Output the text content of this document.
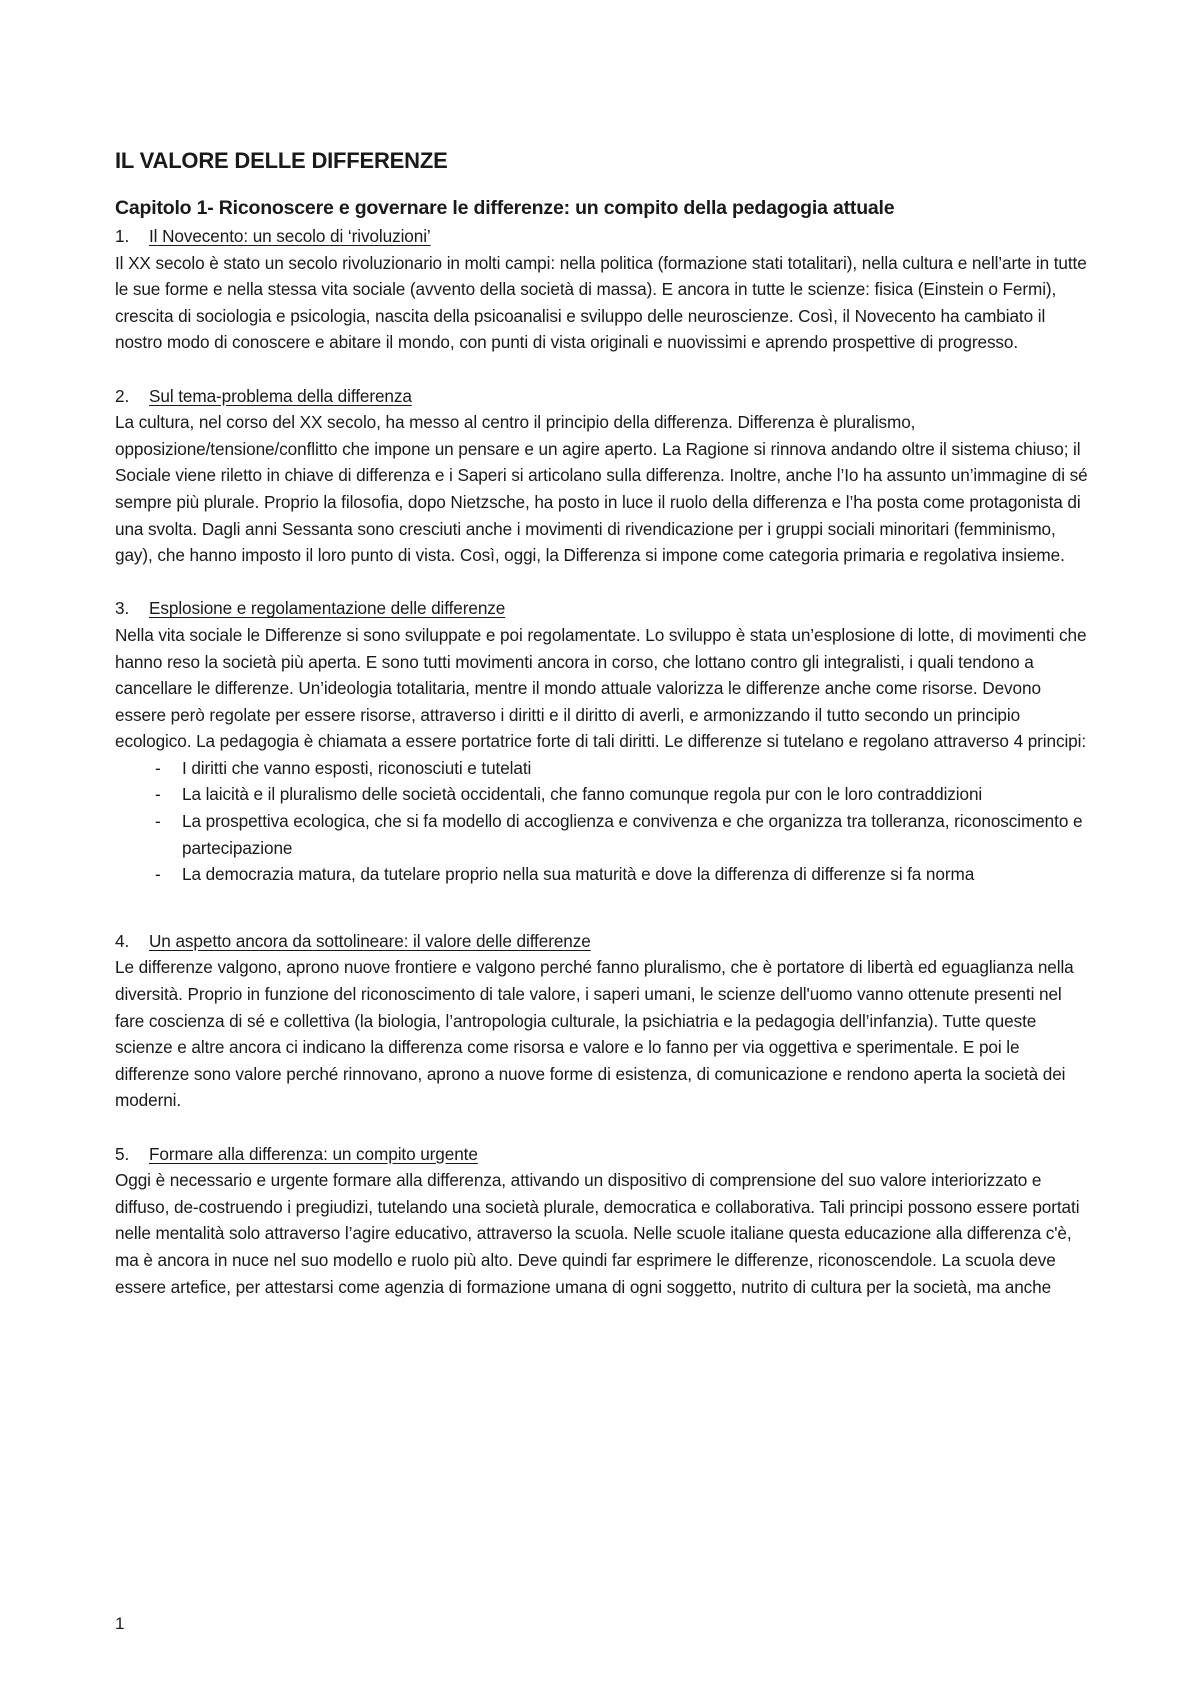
IL VALORE DELLE DIFFERENZE
Capitolo 1- Riconoscere e governare le differenze: un compito della pedagogia attuale
1. Il Novecento: un secolo di ‘rivoluzioni’
Il XX secolo è stato un secolo rivoluzionario in molti campi: nella politica (formazione stati totalitari), nella cultura e nell’arte in tutte le sue forme e nella stessa vita sociale (avvento della società di massa). E ancora in tutte le scienze: fisica (Einstein o Fermi), crescita di sociologia e psicologia, nascita della psicoanalisi e sviluppo delle neuroscienze. Così, il Novecento ha cambiato il nostro modo di conoscere e abitare il mondo, con punti di vista originali e nuovissimi e aprendo prospettive di progresso.
2. Sul tema-problema della differenza
La cultura, nel corso del XX secolo, ha messo al centro il principio della differenza. Differenza è pluralismo, opposizione/tensione/conflitto che impone un pensare e un agire aperto. La Ragione si rinnova andando oltre il sistema chiuso; il Sociale viene riletto in chiave di differenza e i Saperi si articolano sulla differenza. Inoltre, anche l’Io ha assunto un’immagine di sé sempre più plurale. Proprio la filosofia, dopo Nietzsche, ha posto in luce il ruolo della differenza e l’ha posta come protagonista di una svolta. Dagli anni Sessanta sono cresciuti anche i movimenti di rivendicazione per i gruppi sociali minoritari (femminismo, gay), che hanno imposto il loro punto di vista. Così, oggi, la Differenza si impone come categoria primaria e regolativa insieme.
3. Esplosione e regolamentazione delle differenze
Nella vita sociale le Differenze si sono sviluppate e poi regolamentate. Lo sviluppo è stata un’esplosione di lotte, di movimenti che hanno reso la società più aperta. E sono tutti movimenti ancora in corso, che lottano contro gli integralisti, i quali tendono a cancellare le differenze. Un’ideologia totalitaria, mentre il mondo attuale valorizza le differenze anche come risorse. Devono essere però regolate per essere risorse, attraverso i diritti e il diritto di averli, e armonizzando il tutto secondo un principio ecologico. La pedagogia è chiamata a essere portatrice forte di tali diritti. Le differenze si tutelano e regolano attraverso 4 principi:
- I diritti che vanno esposti, riconosciuti e tutelati
- La laicità e il pluralismo delle società occidentali, che fanno comunque regola pur con le loro contraddizioni
- La prospettiva ecologica, che si fa modello di accoglienza e convivenza e che organizza tra tolleranza, riconoscimento e partecipazione
- La democrazia matura, da tutelare proprio nella sua maturità e dove la differenza di differenze si fa norma
4. Un aspetto ancora da sottolineare: il valore delle differenze
Le differenze valgono, aprono nuove frontiere e valgono perché fanno pluralismo, che è portatore di libertà ed eguaglianza nella diversità. Proprio in funzione del riconoscimento di tale valore, i saperi umani, le scienze dell'uomo vanno ottenute presenti nel fare coscienza di sé e collettiva (la biologia, l’antropologia culturale, la psichiatria e la pedagogia dell’infanzia). Tutte queste scienze e altre ancora ci indicano la differenza come risorsa e valore e lo fanno per via oggettiva e sperimentale. E poi le differenze sono valore perché rinnovano, aprono a nuove forme di esistenza, di comunicazione e rendono aperta la società dei moderni.
5. Formare alla differenza: un compito urgente
Oggi è necessario e urgente formare alla differenza, attivando un dispositivo di comprensione del suo valore interiorizzato e diffuso, de-costruendo i pregiudizi, tutelando una società plurale, democratica e collaborativa. Tali principi possono essere portati nelle mentalità solo attraverso l’agire educativo, attraverso la scuola. Nelle scuole italiane questa educazione alla differenza c'è, ma è ancora in nuce nel suo modello e ruolo più alto. Deve quindi far esprimere le differenze, riconoscendole. La scuola deve essere artefice, per attestarsi come agenzia di formazione umana di ogni soggetto, nutrito di cultura per la società, ma anche
1
